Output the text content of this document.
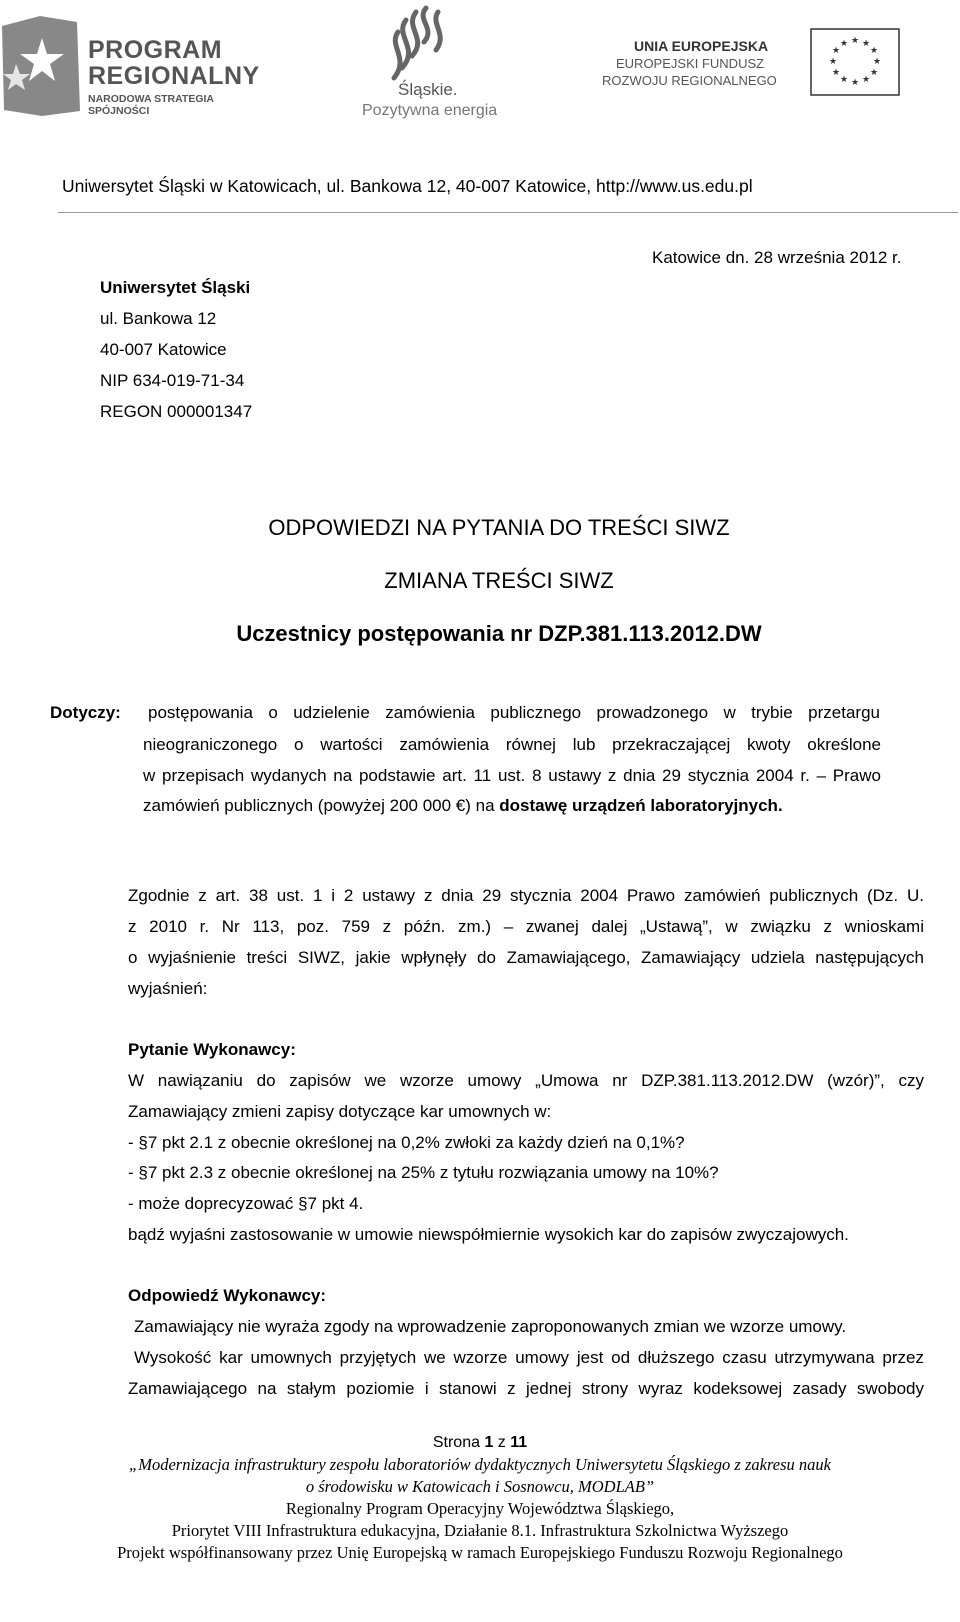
PROGRAM
REGIONALNY
NARODOWA STRATEGIA SPÓJNOŚCI
Śląskie.
Pozytywna energia
UNIA EUROPEJSKA
EUROPEJSKI FUNDUSZ
ROZWOJU REGIONALNEGO
★ ★
★
★
★
★
★
★
★
★
★
★
Uniwersytet Śląski w Katowicach, ul. Bankowa 12, 40-007 Katowice, http://www.us.edu.pl
Katowice dn. 28 września 2012 r.
Uniwersytet Śląski
ul. Bankowa 12
40-007 Katowice
NIP 634-019-71-34
REGON 000001347
ODPOWIEDZI NA PYTANIA DO TREŚCI SIWZ
ZMIANA TREŚCI SIWZ
Uczestnicy postępowania nr DZP.381.113.2012.DW
Dotyczy: postępowania o udzielenie zamówienia publicznego prowadzonego w trybie przetargu
nieograniczonego o wartości zamówienia równej lub przekraczającej kwoty określone
w przepisach wydanych na podstawie art. 11 ust. 8 ustawy z dnia 29 stycznia 2004 r. – Prawo
zamówień publicznych (powyżej 200 000 €) na dostawę urządzeń laboratoryjnych.
Zgodnie z art. 38 ust. 1 i 2 ustawy z dnia 29 stycznia 2004 Prawo zamówień publicznych (Dz. U.
z 2010 r. Nr 113, poz. 759 z późn. zm.) – zwanej dalej „Ustawą”, w związku z wnioskami
o wyjaśnienie treści SIWZ, jakie wpłynęły do Zamawiającego, Zamawiający udziela następujących
wyjaśnień:
Pytanie Wykonawcy:
W nawiązaniu do zapisów we wzorze umowy „Umowa nr DZP.381.113.2012.DW (wzór)”, czy
Zamawiający zmieni zapisy dotyczące kar umownych w:
- §7 pkt 2.1 z obecnie określonej na 0,2% zwłoki za każdy dzień na 0,1%?
- §7 pkt 2.3 z obecnie określonej na 25% z tytułu rozwiązania umowy na 10%?
- może doprecyzować §7 pkt 4.
bądź wyjaśni zastosowanie w umowie niewspółmiernie wysokich kar do zapisów zwyczajowych.
Odpowiedź Wykonawcy:
Zamawiający nie wyraża zgody na wprowadzenie zaproponowanych zmian we wzorze umowy.
Wysokość kar umownych przyjętych we wzorze umowy jest od dłuższego czasu utrzymywana przez
Zamawiającego na stałym poziomie i stanowi z jednej strony wyraz kodeksowej zasady swobody
Strona 1 z 11
„Modernizacja infrastruktury zespołu laboratoriów dydaktycznych Uniwersytetu Śląskiego z zakresu nauk
o środowisku w Katowicach i Sosnowcu, MODLAB”
Regionalny Program Operacyjny Województwa Śląskiego,
Priorytet VIII Infrastruktura edukacyjna, Działanie 8.1. Infrastruktura Szkolnictwa Wyższego
Projekt współfinansowany przez Unię Europejską w ramach Europejskiego Funduszu Rozwoju Regionalnego
